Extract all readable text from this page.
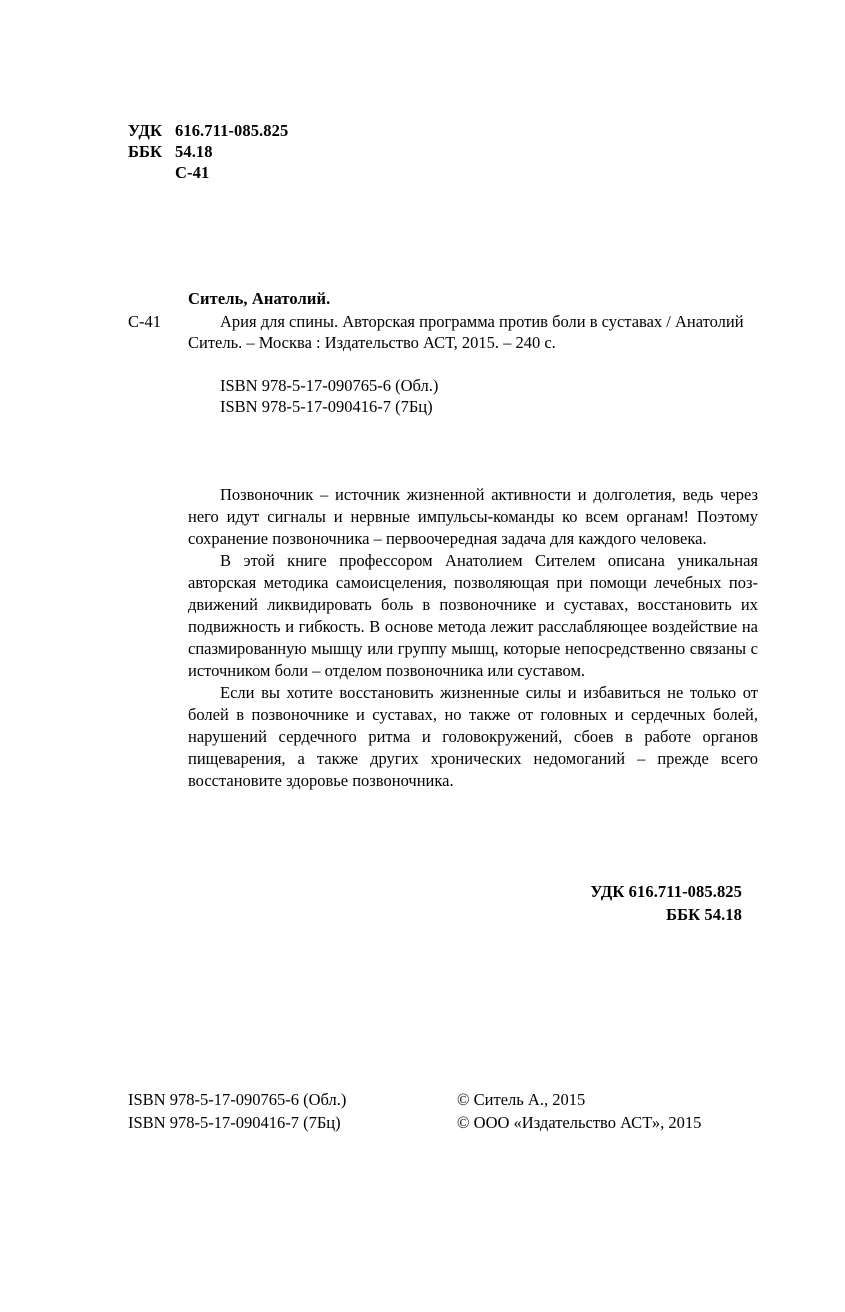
УДК 616.711-085.825
ББК 54.18
С-41
Ситель, Анатолий.
С-41	Ария для спины. Авторская программа против боли в суставах / Анатолий Ситель. – Москва : Издательство АСТ, 2015. – 240 с.
ISBN 978-5-17-090765-6 (Обл.)
ISBN 978-5-17-090416-7 (7Бц)

Позвоночник – источник жизненной активности и долголетия, ведь через него идут сигналы и нервные импульсы-команды ко всем органам! Поэтому сохранение позвоночника – первоочередная задача для каждого человека.

В этой книге профессором Анатолием Сителем описана уникальная авторская методика самоисцеления, позволяющая при помощи лечебных поз-движений ликвидировать боль в позвоночнике и суставах, восстановить их подвижность и гибкость. В основе метода лежит расслабляющее воздействие на спазмированную мышцу или группу мышц, которые непосредственно связаны с источником боли – отделом позвоночника или суставом.

Если вы хотите восстановить жизненные силы и избавиться не только от болей в позвоночнике и суставах, но также от головных и сердечных болей, нарушений сердечного ритма и головокружений, сбоев в работе органов пищеварения, а также других хронических недомоганий – прежде всего восстановите здоровье позвоночника.

УДК 616.711-085.825
ББК 54.18
ISBN 978-5-17-090765-6 (Обл.)	© Ситель А., 2015
ISBN 978-5-17-090416-7 (7Бц)	© ООО «Издательство АСТ», 2015
